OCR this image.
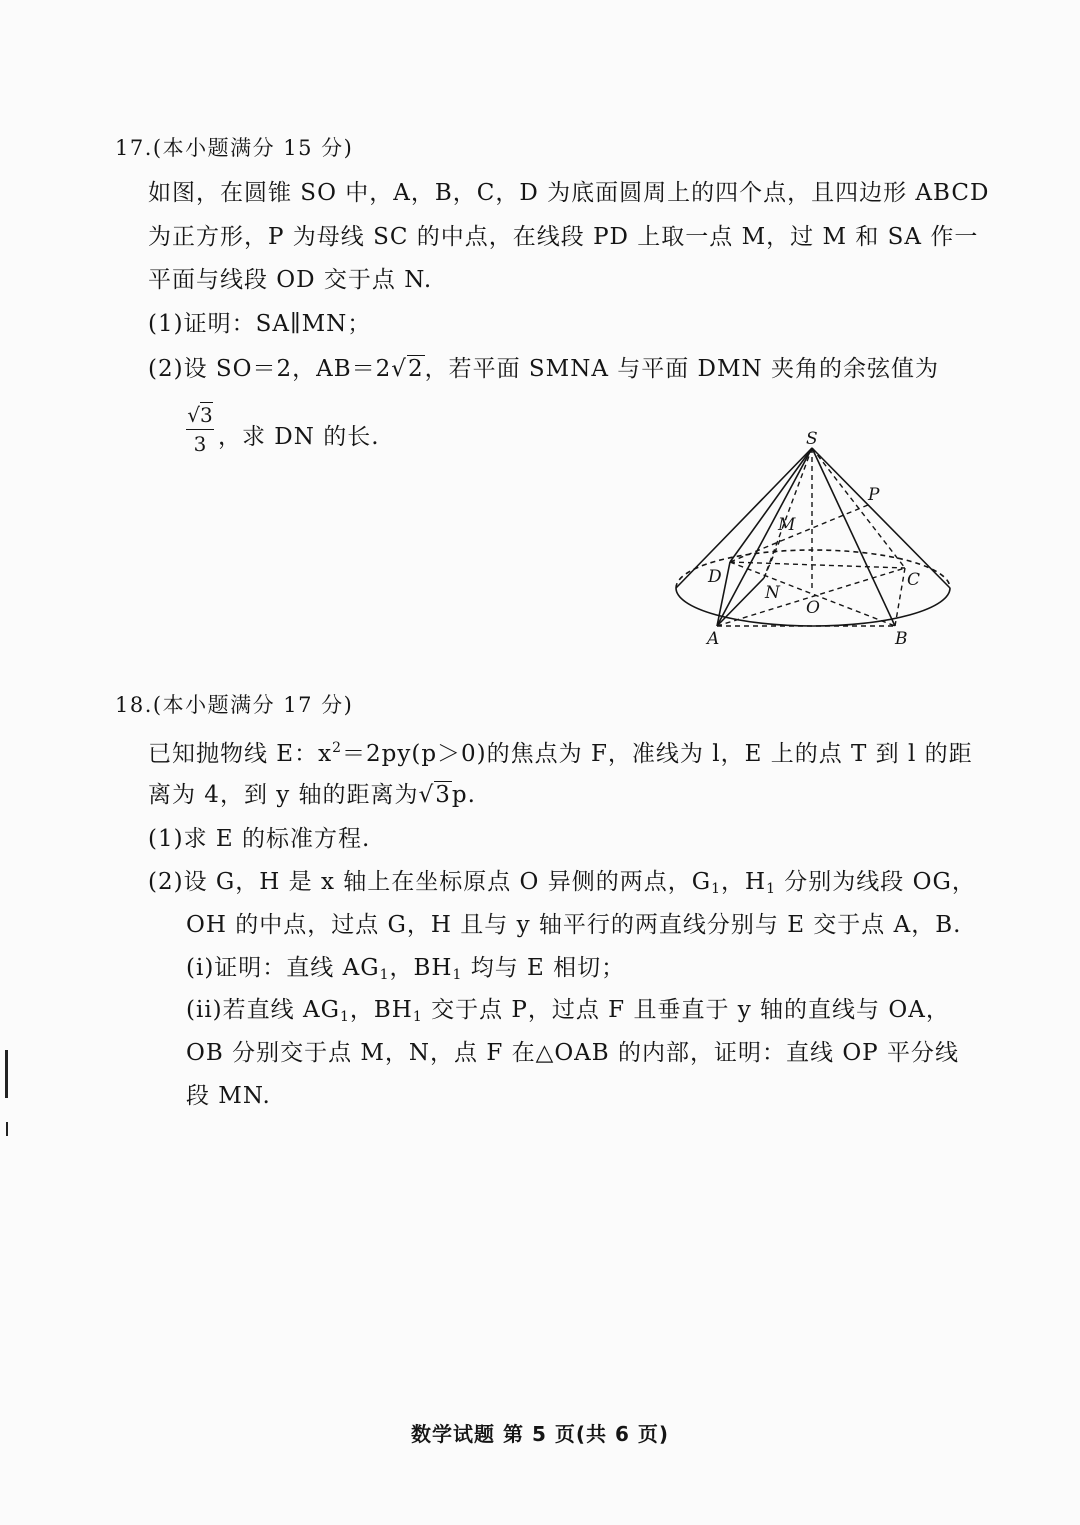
17.(本小题满分 15 分)
如图，在圆锥 SO 中，A，B，C，D 为底面圆周上的四个点，且四边形 ABCD
为正方形，P 为母线 SC 的中点，在线段 PD 上取一点 M，过 M 和 SA 作一
平面与线段 OD 交于点 N.
(1)证明：SA∥MN；
(2)设 SO＝2，AB＝2√2，若平面 SMNA 与平面 DMN 夹角的余弦值为
$\frac{√3}{3}$ ，求 DN 的长.	S
P
M
D	C
N
O
A	B
18.(本小题满分 17 分)
已知抛物线 E：$x^2=2py(p>0)$的焦点为 F，准线为 l，E 上的点 T 到 l 的距
离为 4，到 y 轴的距离为√3p.
(1)求 E 的标准方程.
(2)设 G，H 是 x 轴上在坐标原点 O 异侧的两点，$G_1$，$H_1$ 分别为线段 OG，
OH 的中点，过点 G，H 且与 y 轴平行的两直线分别与 E 交于点 A，B.
(i)证明：直线 $AG_1$，$BH_1$ 均与 E 相切；
(ii)若直线 $AG_1$，$BH_1$ 交于点 P，过点 F 且垂直于 y 轴的直线与 OA，
OB 分别交于点 M，N，点 F 在△OAB 的内部，证明：直线 OP 平分线
段 MN.
数学试题 第 5 页(共 6 页)
